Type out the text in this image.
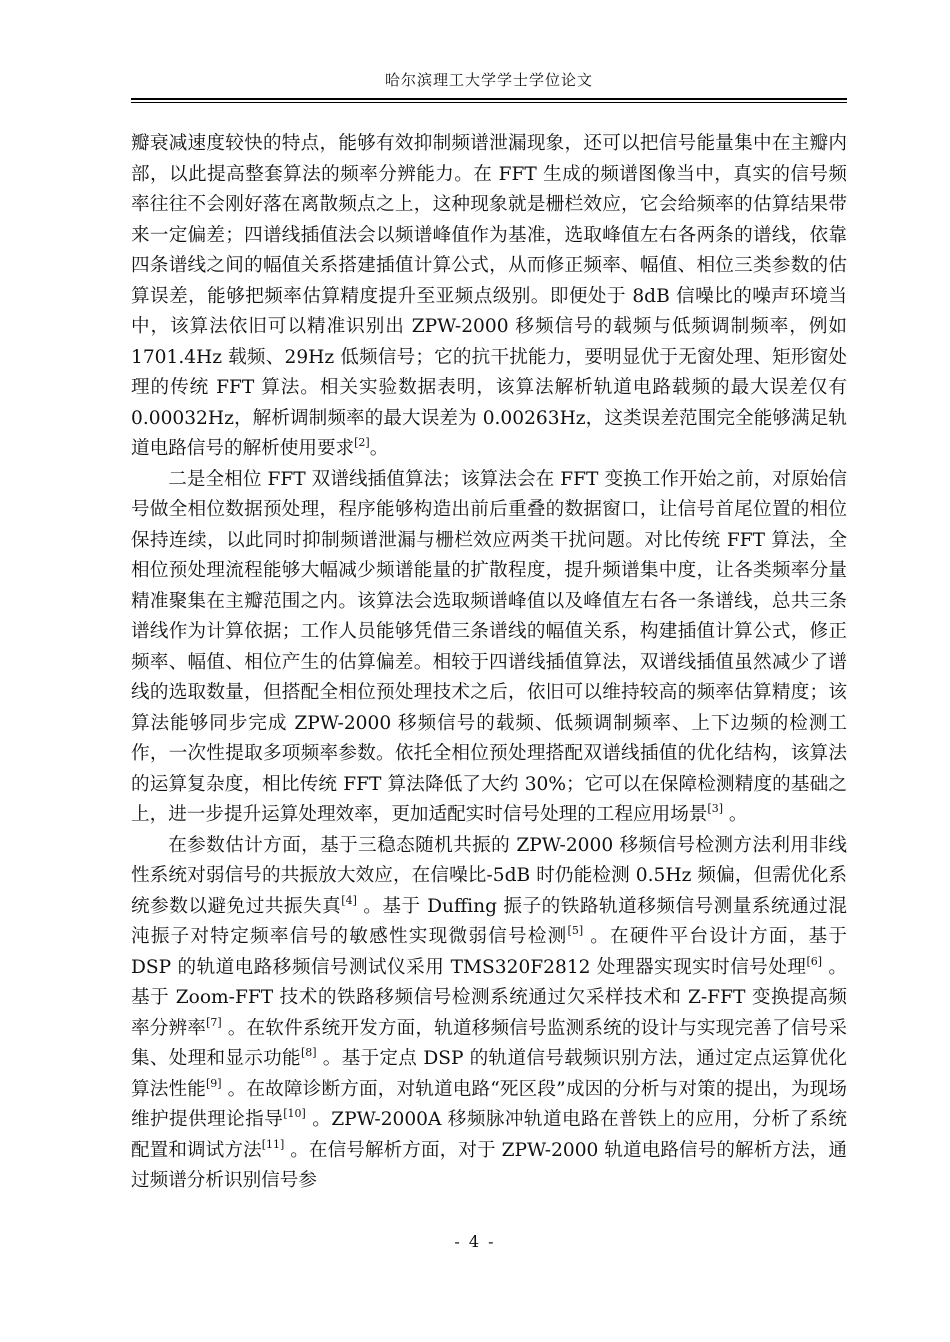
哈尔滨理工大学学士学位论文

瓣衰减速度较快的特点，能够有效抑制频谱泄漏现象，还可以把信号能量集中在主瓣内部，以此提高整套算法的频率分辨能力。在 FFT 生成的频谱图像当中，真实的信号频率往往不会刚好落在离散频点之上，这种现象就是栅栏效应，它会给频率的估算结果带来一定偏差；四谱线插值法会以频谱峰值作为基准，选取峰值左右各两条的谱线，依靠四条谱线之间的幅值关系搭建插值计算公式，从而修正频率、幅值、相位三类参数的估算误差，能够把频率估算精度提升至亚频点级别。即便处于 8dB 信噪比的噪声环境当中，该算法依旧可以精准识别出 ZPW-2000 移频信号的载频与低频调制频率，例如 1701.4Hz 载频、29Hz 低频信号；它的抗干扰能力，要明显优于无窗处理、矩形窗处理的传统 FFT 算法。相关实验数据表明，该算法解析轨道电路载频的最大误差仅有 0.00032Hz，解析调制频率的最大误差为 0.00263Hz，这类误差范围完全能够满足轨道电路信号的解析使用要求[2]。

二是全相位 FFT 双谱线插值算法；该算法会在 FFT 变换工作开始之前，对原始信号做全相位数据预处理，程序能够构造出前后重叠的数据窗口，让信号首尾位置的相位保持连续，以此同时抑制频谱泄漏与栅栏效应两类干扰问题。对比传统 FFT 算法，全相位预处理流程能够大幅减少频谱能量的扩散程度，提升频谱集中度，让各类频率分量精准聚集在主瓣范围之内。该算法会选取频谱峰值以及峰值左右各一条谱线，总共三条谱线作为计算依据；工作人员能够凭借三条谱线的幅值关系，构建插值计算公式，修正频率、幅值、相位产生的估算偏差。相较于四谱线插值算法，双谱线插值虽然减少了谱线的选取数量，但搭配全相位预处理技术之后，依旧可以维持较高的频率估算精度；该算法能够同步完成 ZPW-2000 移频信号的载频、低频调制频率、上下边频的检测工作，一次性提取多项频率参数。依托全相位预处理搭配双谱线插值的优化结构，该算法的运算复杂度，相比传统 FFT 算法降低了大约 30%；它可以在保障检测精度的基础之上，进一步提升运算处理效率，更加适配实时信号处理的工程应用场景[3] 。

在参数估计方面，基于三稳态随机共振的 ZPW-2000 移频信号检测方法利用非线性系统对弱信号的共振放大效应，在信噪比-5dB 时仍能检测 0.5Hz 频偏，但需优化系统参数以避免过共振失真[4] 。基于 Duffing 振子的铁路轨道移频信号测量系统通过混沌振子对特定频率信号的敏感性实现微弱信号检测[5] 。在硬件平台设计方面，基于 DSP 的轨道电路移频信号测试仪采用 TMS320F2812 处理器实现实时信号处理[6] 。基于 Zoom-FFT 技术的铁路移频信号检测系统通过欠采样技术和 Z-FFT 变换提高频率分辨率[7] 。在软件系统开发方面，轨道移频信号监测系统的设计与实现完善了信号采集、处理和显示功能[8] 。基于定点 DSP 的轨道信号载频识别方法，通过定点运算优化算法性能[9] 。在故障诊断方面，对轨道电路“死区段”成因的分析与对策的提出，为现场维护提供理论指导[10] 。ZPW-2000A 移频脉冲轨道电路在普铁上的应用，分析了系统配置和调试方法[11] 。在信号解析方面，对于 ZPW-2000 轨道电路信号的解析方法，通过频谱分析识别信号参

- 4 -
